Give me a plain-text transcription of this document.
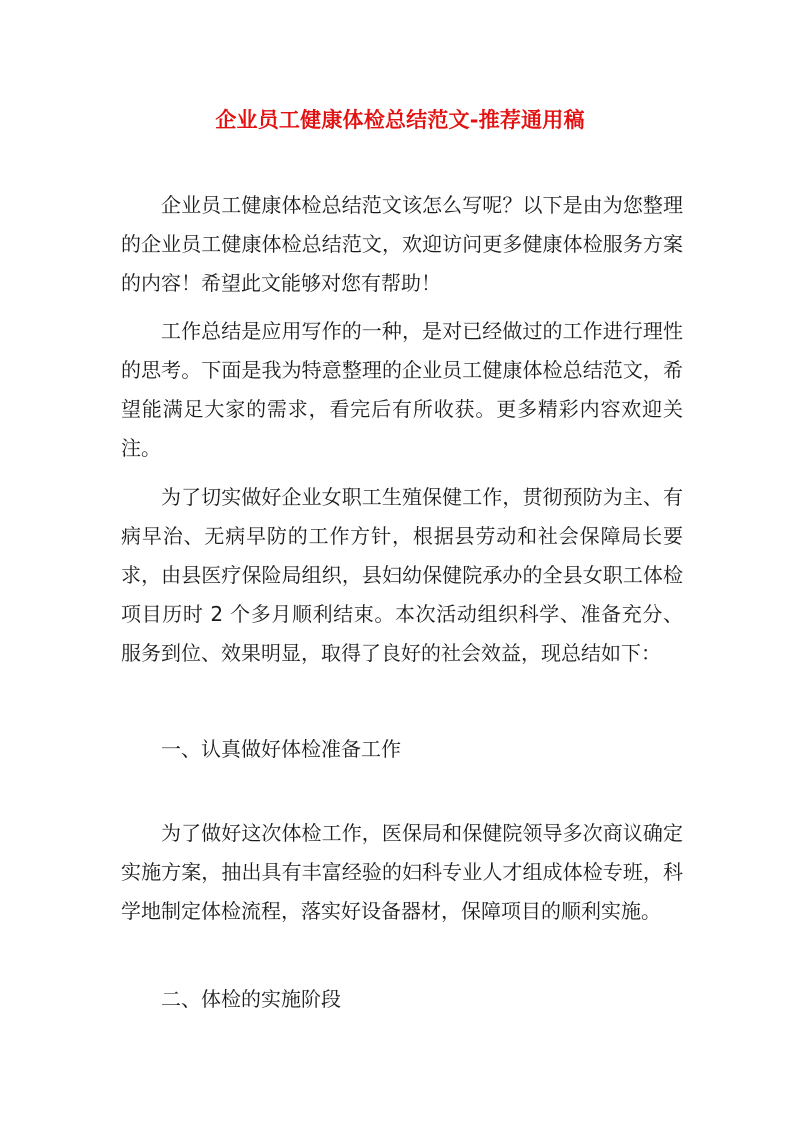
企业员工健康体检总结范文-推荐通用稿

企业员工健康体检总结范文该怎么写呢？以下是由为您整理的企业员工健康体检总结范文，欢迎访问更多健康体检服务方案的内容！希望此文能够对您有帮助！

工作总结是应用写作的一种，是对已经做过的工作进行理性的思考。下面是我为特意整理的企业员工健康体检总结范文，希望能满足大家的需求，看完后有所收获。更多精彩内容欢迎关注。

为了切实做好企业女职工生殖保健工作，贯彻预防为主、有病早治、无病早防的工作方针，根据县劳动和社会保障局长要求，由县医疗保险局组织，县妇幼保健院承办的全县女职工体检项目历时 2 个多月顺利结束。本次活动组织科学、准备充分、服务到位、效果明显，取得了良好的社会效益，现总结如下：

一、认真做好体检准备工作

为了做好这次体检工作，医保局和保健院领导多次商议确定实施方案，抽出具有丰富经验的妇科专业人才组成体检专班，科学地制定体检流程，落实好设备器材，保障项目的顺利实施。

二、体检的实施阶段
